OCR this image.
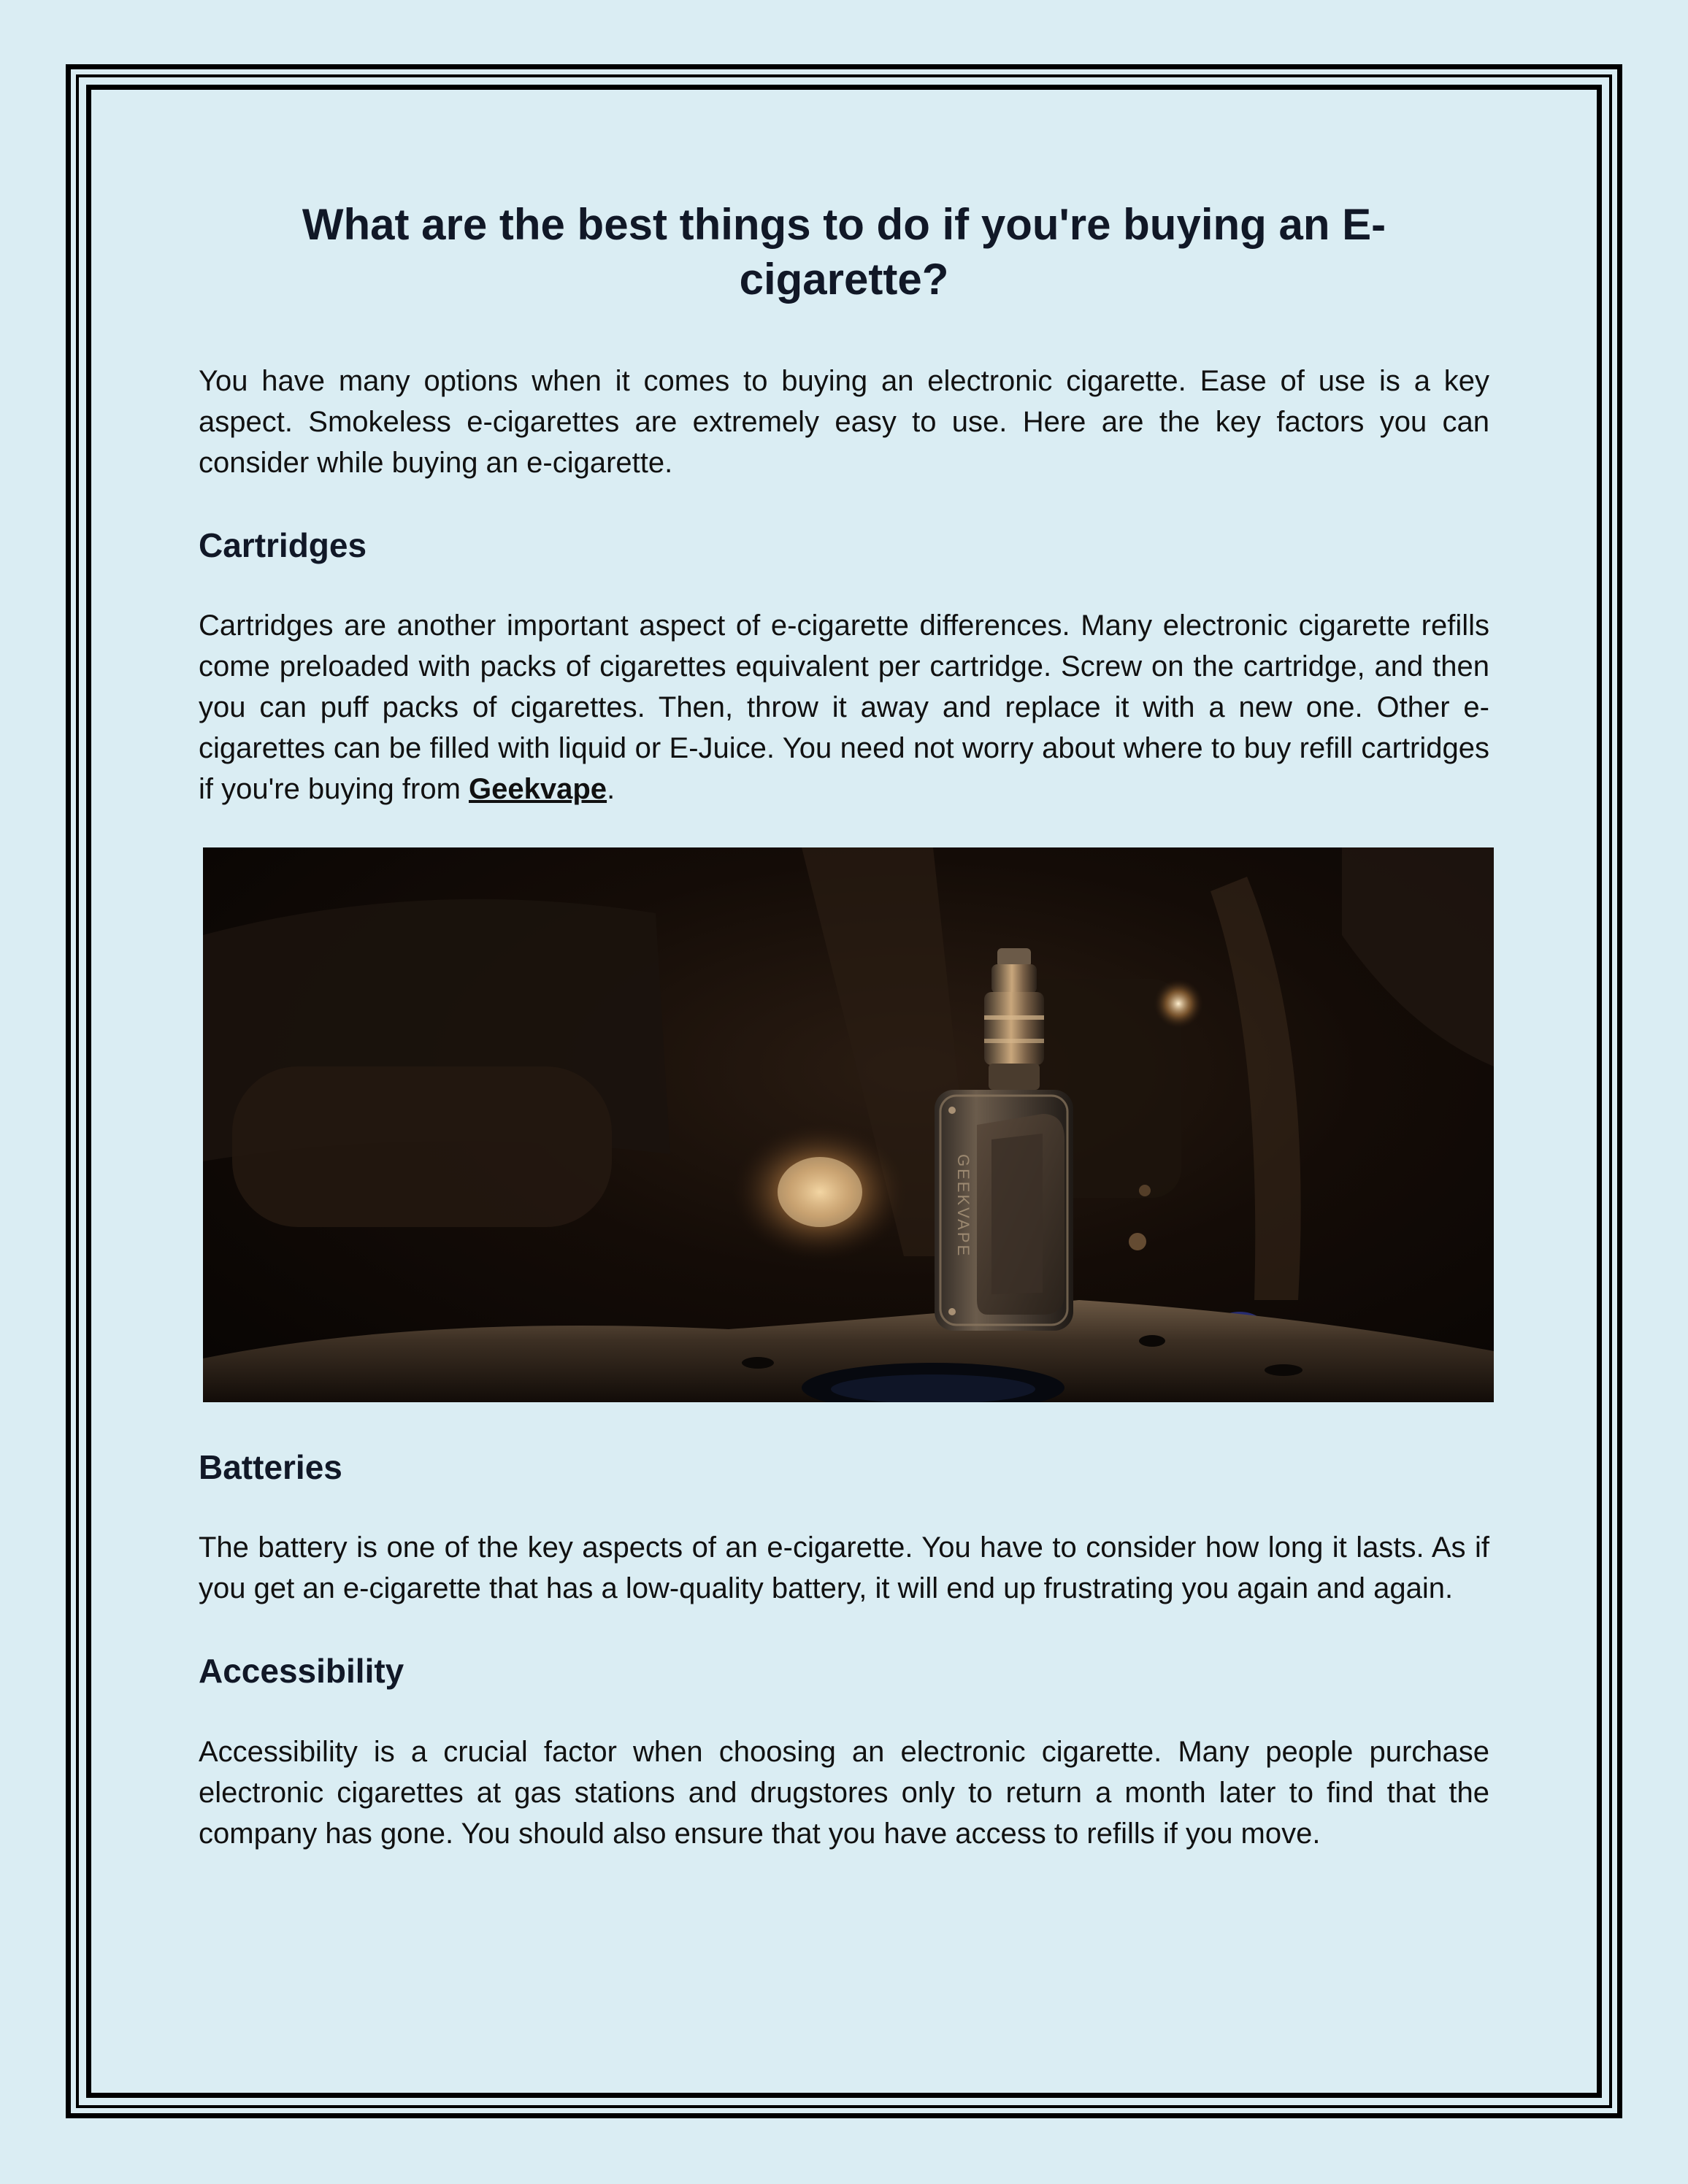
What are the best things to do if you're buying an E-cigarette?

You have many options when it comes to buying an electronic cigarette. Ease of use is a key aspect. Smokeless e-cigarettes are extremely easy to use. Here are the key factors you can consider while buying an e-cigarette.

Cartridges

Cartridges are another important aspect of e-cigarette differences. Many electronic cigarette refills come preloaded with packs of cigarettes equivalent per cartridge. Screw on the cartridge, and then you can puff packs of cigarettes. Then, throw it away and replace it with a new one. Other e-cigarettes can be filled with liquid or E-Juice. You need not worry about where to buy refill cartridges if you're buying from Geekvape.

GEEKVAPE
Batteries

The battery is one of the key aspects of an e-cigarette. You have to consider how long it lasts. As if you get an e-cigarette that has a low-quality battery, it will end up frustrating you again and again.

Accessibility

Accessibility is a crucial factor when choosing an electronic cigarette. Many people purchase electronic cigarettes at gas stations and drugstores only to return a month later to find that the company has gone. You should also ensure that you have access to refills if you move.
